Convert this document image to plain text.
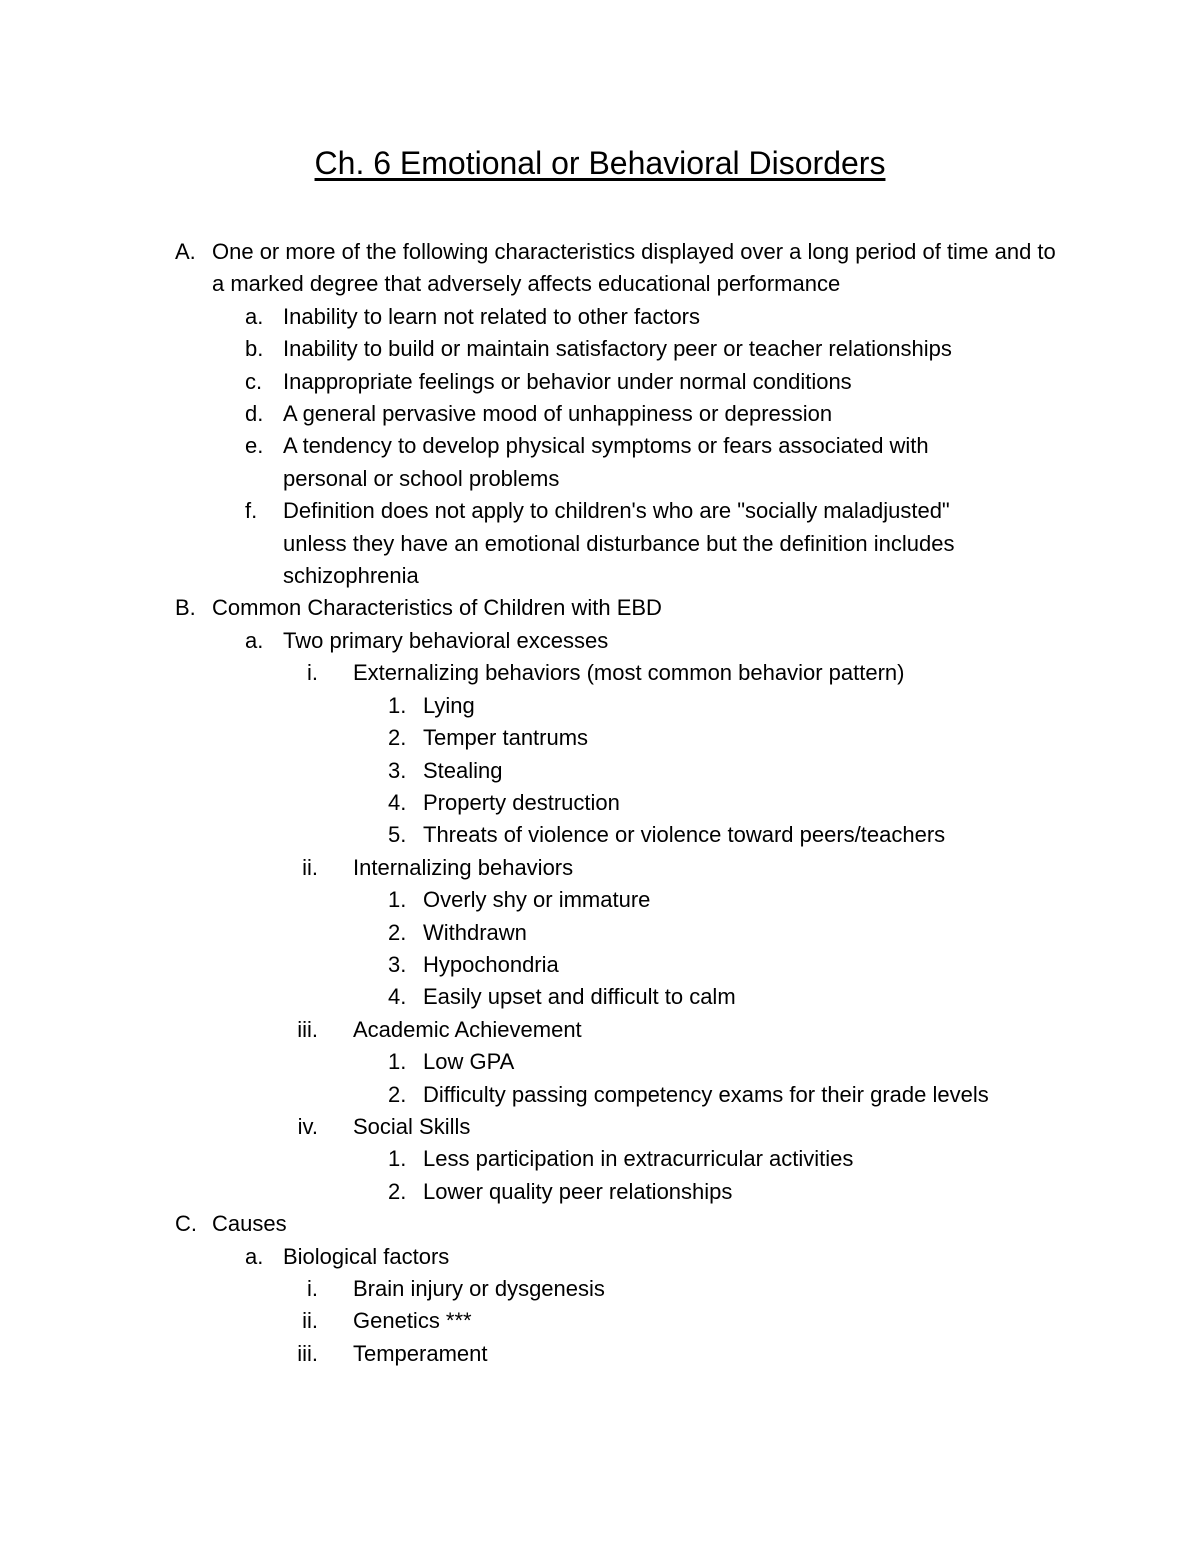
Ch. 6 Emotional or Behavioral Disorders
A. One or more of the following characteristics displayed over a long period of time and to a marked degree that adversely affects educational performance
a. Inability to learn not related to other factors
b. Inability to build or maintain satisfactory peer or teacher relationships
c. Inappropriate feelings or behavior under normal conditions
d. A general pervasive mood of unhappiness or depression
e. A tendency to develop physical symptoms or fears associated with personal or school problems
f.	Definition does not apply to children's who are "socially maladjusted" unless they have an emotional disturbance but the definition includes schizophrenia
B. Common Characteristics of Children with EBD
a. Two primary behavioral excesses
i.	Externalizing behaviors (most common behavior pattern)
1. Lying
2. Temper tantrums
3. Stealing
4. Property destruction
5. Threats of violence or violence toward peers/teachers
ii.	Internalizing behaviors
1. Overly shy or immature
2. Withdrawn
3. Hypochondria
4. Easily upset and difficult to calm
iii.	Academic Achievement
1. Low GPA
2. Difficulty passing competency exams for their grade levels
iv.	Social Skills
1. Less participation in extracurricular activities
2. Lower quality peer relationships
C. Causes
a. Biological factors
i.	Brain injury or dysgenesis
ii.	Genetics ***
iii.	Temperament
